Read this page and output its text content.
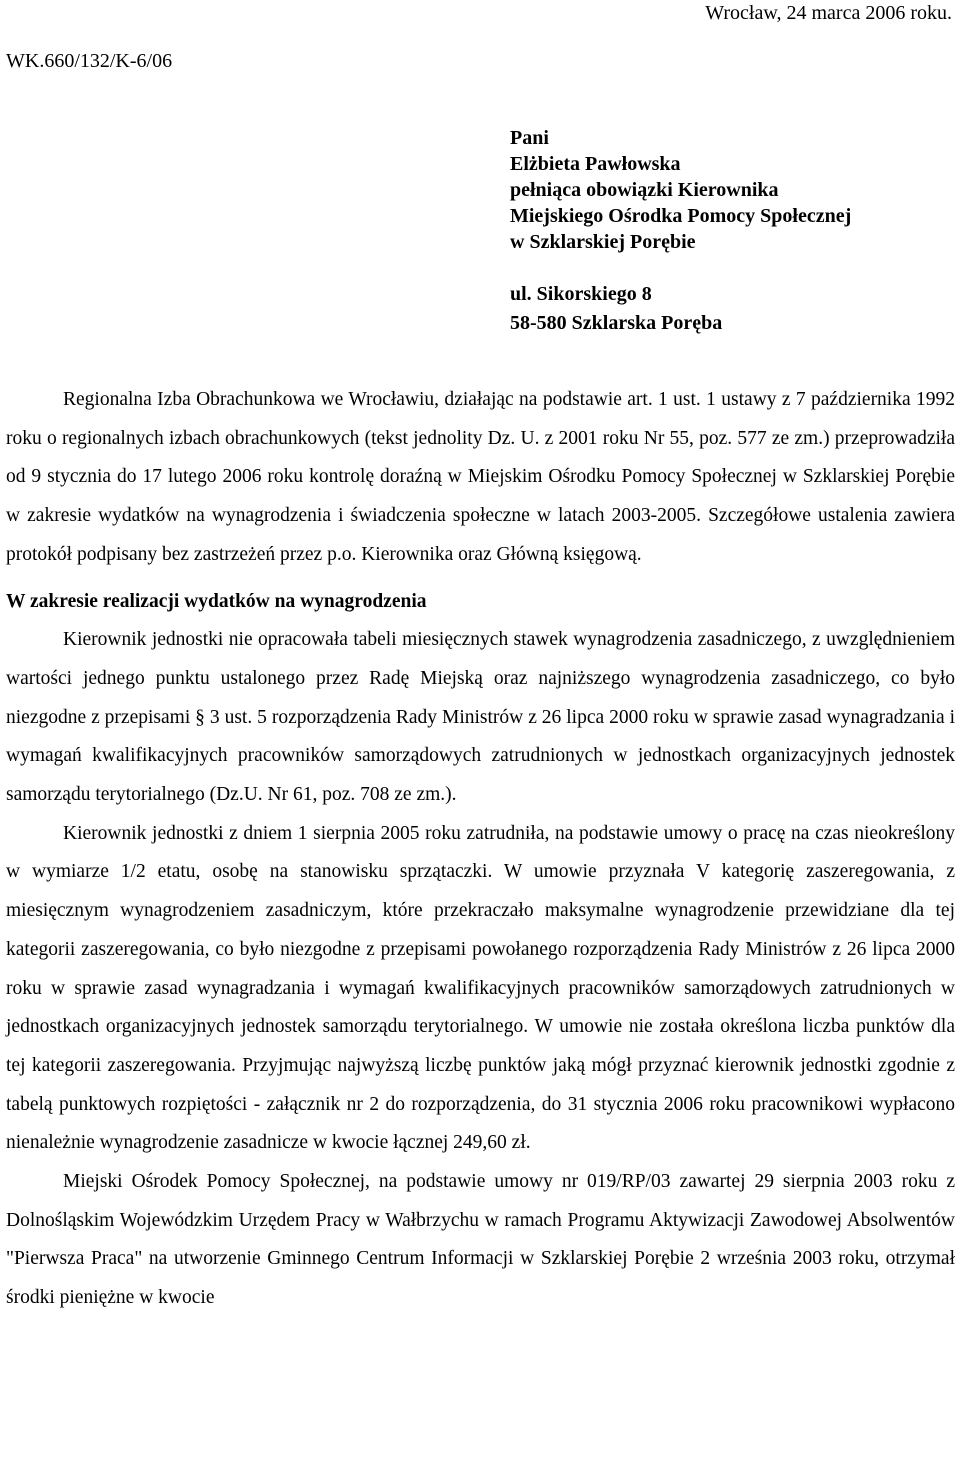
Wrocław, 24 marca 2006 roku.
WK.660/132/K-6/06
Pani
Elżbieta Pawłowska
pełniąca obowiązki Kierownika
Miejskiego Ośrodka Pomocy Społecznej
w Szklarskiej Porębie
ul. Sikorskiego 8
58-580 Szklarska Poręba

Regionalna Izba Obrachunkowa we Wrocławiu, działając na podstawie art. 1 ust. 1 ustawy z 7 października 1992 roku o regionalnych izbach obrachunkowych (tekst jednolity Dz. U. z 2001 roku Nr 55, poz. 577 ze zm.) przeprowadziła od 9 stycznia do 17 lutego 2006 roku kontrolę doraźną w Miejskim Ośrodku Pomocy Społecznej w Szklarskiej Porębie w zakresie wydatków na wynagrodzenia i świadczenia społeczne w latach 2003-2005. Szczegółowe ustalenia zawiera protokół podpisany bez zastrzeżeń przez p.o. Kierownika oraz Główną księgową.

W zakresie realizacji wydatków na wynagrodzenia

Kierownik jednostki nie opracowała tabeli miesięcznych stawek wynagrodzenia zasadniczego, z uwzględnieniem wartości jednego punktu ustalonego przez Radę Miejską oraz najniższego wynagrodzenia zasadniczego, co było niezgodne z przepisami § 3 ust. 5 rozporządzenia Rady Ministrów z 26 lipca 2000 roku w sprawie zasad wynagradzania i wymagań kwalifikacyjnych pracowników samorządowych zatrudnionych w jednostkach organizacyjnych jednostek samorządu terytorialnego (Dz.U. Nr 61, poz. 708 ze zm.).

Kierownik jednostki z dniem 1 sierpnia 2005 roku zatrudniła, na podstawie umowy o pracę na czas nieokreślony w wymiarze 1/2 etatu, osobę na stanowisku sprzątaczki. W umowie przyznała V kategorię zaszeregowania, z miesięcznym wynagrodzeniem zasadniczym, które przekraczało maksymalne wynagrodzenie przewidziane dla tej kategorii zaszeregowania, co było niezgodne z przepisami powołanego rozporządzenia Rady Ministrów z 26 lipca 2000 roku w sprawie zasad wynagradzania i wymagań kwalifikacyjnych pracowników samorządowych zatrudnionych w jednostkach organizacyjnych jednostek samorządu terytorialnego. W umowie nie została określona liczba punktów dla tej kategorii zaszeregowania. Przyjmując najwyższą liczbę punktów jaką mógł przyznać kierownik jednostki zgodnie z tabelą punktowych rozpiętości - załącznik nr 2 do rozporządzenia, do 31 stycznia 2006 roku pracownikowi wypłacono nienależnie wynagrodzenie zasadnicze w kwocie łącznej 249,60 zł.

Miejski Ośrodek Pomocy Społecznej, na podstawie umowy nr 019/RP/03 zawartej 29 sierpnia 2003 roku z Dolnośląskim Wojewódzkim Urzędem Pracy w Wałbrzychu w ramach Programu Aktywizacji Zawodowej Absolwentów "Pierwsza Praca" na utworzenie Gminnego Centrum Informacji w Szklarskiej Porębie 2 września 2003 roku, otrzymał środki pieniężne w kwocie
